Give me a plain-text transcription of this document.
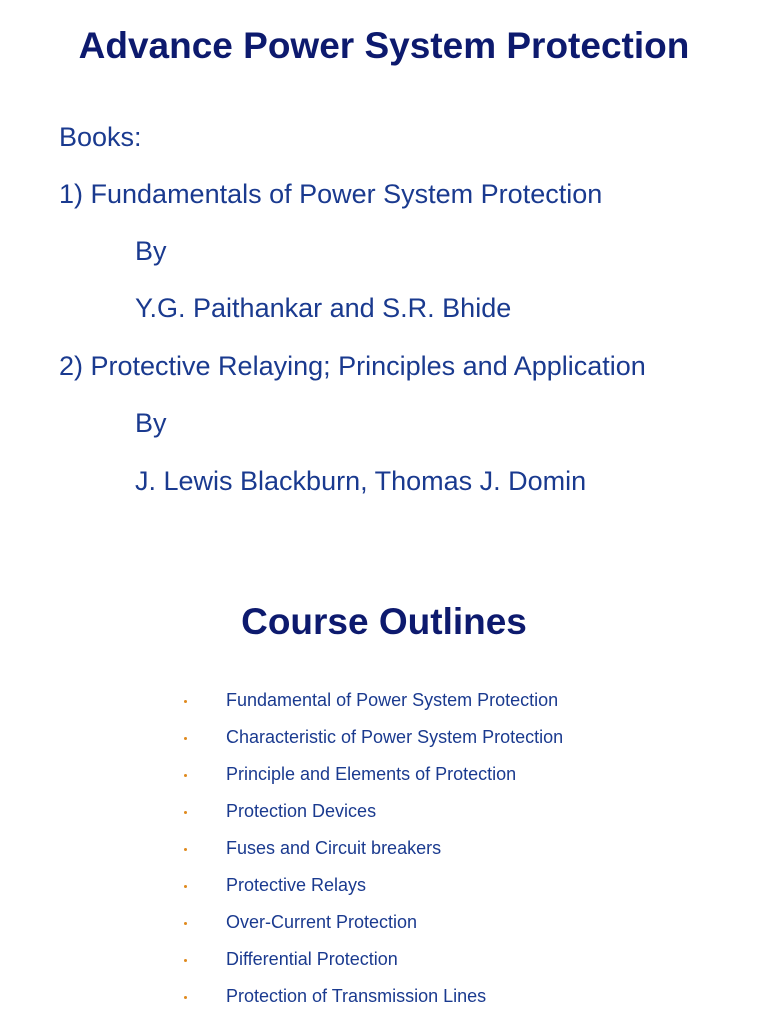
Advance Power System Protection

Books:

1) Fundamentals of Power System Protection

By

Y.G. Paithankar and S.R. Bhide

2) Protective Relaying; Principles and Application

By

J. Lewis Blackburn, Thomas J. Domin

Course Outlines
Fundamental of Power System Protection
Characteristic of Power System Protection
Principle and Elements of Protection
Protection Devices
Fuses and Circuit breakers
Protective Relays
Over-Current Protection
Differential Protection
Protection of Transmission Lines
